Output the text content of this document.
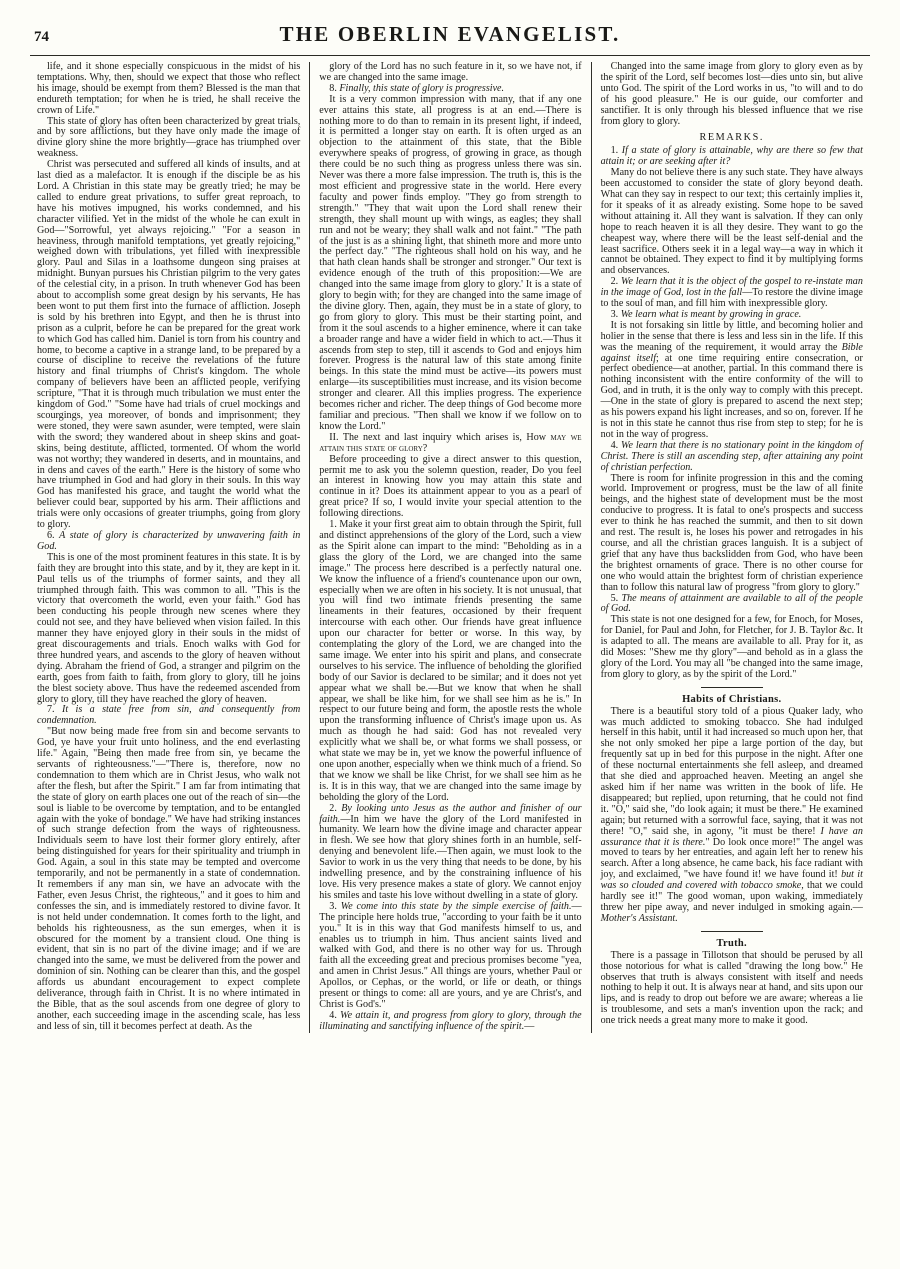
74	THE OBERLIN EVANGELIST.

life, and it shone especially conspicuous in the midst of his temptations. Why, then, should we expect that those who reflect his image, should be exempt from them? Blessed is the man that endureth temptation; for when he is tried, he shall receive the crown of Life."

This state of glory has often been characterized by great trials, and by sore afflictions, but they have only made the image of divine glory shine the more brightly—grace has triumphed over weakness.

Christ was persecuted and suffered all kinds of insults, and at last died as a malefactor. It is enough if the disciple be as his Lord. A Christian in this state may be greatly tried; he may be called to endure great privations, to suffer great reproach, to have his motives impugned, his works condemned, and his character vilified. Yet in the midst of the whole he can exult in God—"Sorrowful, yet always rejoicing." "For a season in heaviness, through manifold temptations, yet greatly rejoicing," weighed down with tribulations, yet filled with inexpressible glory. Paul and Silas in a loathsome dungeon sing praises at midnight. Bunyan pursues his Christian pilgrim to the very gates of the celestial city, in a prison. In truth whenever God has been about to accomplish some great design by his servants, He has been wont to put them first into the furnace of affliction. Joseph is sold by his brethren into Egypt, and then he is thrust into prison as a culprit, before he can be prepared for the great work to which God has called him. Daniel is torn from his country and home, to become a captive in a strange land, to be prepared by a course of discipline to receive the revelations of the future history and final triumphs of Christ's kingdom. The whole company of believers have been an afflicted people, verifying scripture, "That it is through much tribulation we must enter the kingdom of God." "Some have had trials of cruel mockings and scourgings, yea moreover, of bonds and imprisonment; they were stoned, they were sawn asunder, were tempted, were slain with the sword; they wandered about in sheep skins and goat-skins, being destitute, afflicted, tormented. Of whom the world was not worthy; they wandered in deserts, and in mountains, and in dens and caves of the earth." Here is the history of some who have triumphed in God and had glory in their souls. In this way God has manifested his grace, and taught the world what the believer could bear, supported by his arm. Their afflictions and trials were only occasions of greater triumphs, going from glory to glory.

6. A state of glory is characterized by unwavering faith in God.

This is one of the most prominent features in this state. It is by faith they are brought into this state, and by it, they are kept in it. Paul tells us of the triumphs of former saints, and they all triumphed through faith. This was common to all. "This is the victory that overcometh the world, even your faith." God has been conducting his people through new scenes where they could not see, and they have believed when vision failed. In this manner they have enjoyed glory in their souls in the midst of great discouragements and trials. Enoch walks with God for three hundred years, and ascends to the glory of heaven without dying. Abraham the friend of God, a stranger and pilgrim on the earth, goes from faith to faith, from glory to glory, till he joins the blest society above. Thus have the redeemed ascended from glory to glory, till they have reached the glory of heaven.

7. It is a state free from sin, and consequently from condemnation.

"But now being made free from sin and become servants to God, ye have your fruit unto holiness, and the end everlasting life." Again, "Being then made free from sin, ye became the servants of righteousness."—"There is, therefore, now no condemnation to them which are in Christ Jesus, who walk not after the flesh, but after the Spirit." I am far from intimating that the state of glory on earth places one out of the reach of sin—the soul is liable to be overcome by temptation, and to be entangled again with the yoke of bondage." We have had striking instances of such strange defection from the ways of righteousness. Individuals seem to have lost their former glory entirely, after being distinguished for years for their spirituality and triumph in God. Again, a soul in this state may be tempted and overcome temporarily, and not be permanently in a state of condemnation. It remembers if any man sin, we have an advocate with the Father, even Jesus Christ, the righteous," and it goes to him and confesses the sin, and is immediately restored to divine favor. It is not held under condemnation. It comes forth to the light, and beholds his righteousness, as the sun emerges, when it is obscured for the moment by a transient cloud. One thing is evident, that sin is no part of the divine image; and if we are changed into the same, we must be delivered from the power and dominion of sin. Nothing can be clearer than this, and the gospel affords us abundant encouragement to expect complete deliverance, through faith in Christ. It is no where intimated in the Bible, that as the soul ascends from one degree of glory to another, each succeeding image in the ascending scale, has less and less of sin, till it becomes perfect at death. As the

glory of the Lord has no such feature in it, so we have not, if we are changed into the same image.

8. Finally, this state of glory is progressive.

It is a very common impression with many, that if any one ever attains this state, all progress is at an end.—There is nothing more to do than to remain in its present light, if indeed, it is permitted a longer stay on earth. It is often urged as an objection to the attainment of this state, that the Bible everywhere speaks of progress, of growing in grace, as though there could be no such thing as progress unless there was sin. Never was there a more false impression. The truth is, this is the most efficient and progressive state in the world. Here every faculty and power finds employ. "They go from strength to strength." "They that wait upon the Lord shall renew their strength, they shall mount up with wings, as eagles; they shall run and not be weary; they shall walk and not faint." "The path of the just is as a shining light, that shineth more and more unto the perfect day." "The righteous shall hold on his way, and he that hath clean hands shall be stronger and stronger." Our text is evidence enough of the truth of this proposition:—We are changed into the same image from glory to glory.' It is a state of glory to begin with; for they are changed into the same image of the divine glory. Then, again, they must be in a state of glory, to go from glory to glory. This must be their starting point, and from it the soul ascends to a higher eminence, where it can take a broader range and have a wider field in which to act.—Thus it ascends from step to step, till it ascends to God and enjoys him forever. Progress is the natural law of this state among finite beings. In this state the mind must be active—its powers must enlarge—its susceptibilities must increase, and its vision become stronger and clearer. All this implies progress. The experience becomes richer and richer. The deep things of God become more familiar and precious. "Then shall we know if we follow on to know the Lord."

II. The next and last inquiry which arises is, How may we attain this state of glory?

Before proceeding to give a direct answer to this question, permit me to ask you the solemn question, reader, Do you feel an interest in knowing how you may attain this state and continue in it? Does its attainment appear to you as a pearl of great price? If so, I would invite your special attention to the following directions.

1. Make it your first great aim to obtain through the Spirit, full and distinct apprehensions of the glory of the Lord, such a view as the Spirit alone can impart to the mind: "Beholding as in a glass the glory of the Lord, we are changed into the same image." The process here described is a perfectly natural one. We know the influence of a friend's countenance upon our own, especially when we are often in his society. It is not unusual, that you will find two intimate friends presenting the same lineaments in their features, occasioned by their frequent intercourse with each other. Our friends have great influence upon our character for better or worse. In this way, by contemplating the glory of the Lord, we are changed into the same image. We enter into his spirit and plans, and consecrate ourselves to his service. The influence of beholding the glorified body of our Savior is declared to be similar; and it does not yet appear what we shall be.—But we know that when he shall appear, we shall be like him, for we shall see him as he is." In respect to our future being and form, the apostle rests the whole upon the transforming influence of Christ's image upon us. As much as though he had said: God has not revealed very explicitly what we shall be, or what forms we shall possess, or what state we may be in, yet we know the powerful influence of one upon another, especially when we think much of a friend. So that we know we shall be like Christ, for we shall see him as he is. It is in this way, that we are changed into the same image by beholding the glory of the Lord.

2. By looking unto Jesus as the author and finisher of our faith.—In him we have the glory of the Lord manifested in humanity. We learn how the divine image and character appear in flesh. We see how that glory shines forth in an humble, self-denying and benevolent life.—Then again, we must look to the Savior to work in us the very thing that needs to be done, by his indwelling presence, and by the constraining influence of his love. His very presence makes a state of glory. We cannot enjoy his smiles and taste his love without dwelling in a state of glory.

3. We come into this state by the simple exercise of faith.—The principle here holds true, "according to your faith be it unto you." It is in this way that God manifests himself to us, and enables us to triumph in him. Thus ancient saints lived and walked with God, and there is no other way for us. Through faith all the exceeding great and precious promises become "yea, and amen in Christ Jesus." All things are yours, whether Paul or Apollos, or Cephas, or the world, or life or death, or things present or things to come: all are yours, and ye are Christ's, and Christ is God's."

4. We attain it, and progress from glory to glory, through the illuminating and sanctifying influence of the spirit.—

Changed into the same image from glory to glory even as by the spirit of the Lord, self becomes lost—dies unto sin, but alive unto God. The spirit of the Lord works in us, "to will and to do of his good pleasure." He is our guide, our comforter and sanctifier. It is only through his blessed influence that we rise from glory to glory.

REMARKS.

1. If a state of glory is attainable, why are there so few that attain it; or are seeking after it?

Many do not believe there is any such state. They have always been accustomed to consider the state of glory beyond death. What can they say in respect to our text; this certainly implies it, for it speaks of it as already existing. Some hope to be saved without attaining it. All they want is salvation. If they can only hope to reach heaven it is all they desire. They want to go the cheapest way, where there will be the least self-denial and the least sacrifice. Others seek it in a legal way—a way in which it cannot be obtained. They expect to find it by multiplying forms and observances.

2. We learn that it is the object of the gospel to re-instate man in the image of God, lost in the fall—To restore the divine image to the soul of man, and fill him with inexpressible glory.

3. We learn what is meant by growing in grace.

It is not forsaking sin little by little, and becoming holier and holier in the sense that there is less and less sin in the life. If this was the meaning of the requirement, it would array the Bible against itself; at one time requiring entire consecration, or perfect obedience—at another, partial. In this command there is nothing inconsistent with the entire conformity of the will to God, and in truth, it is the only way to comply with this precept.—One in the state of glory is prepared to ascend the next step; as his powers expand his light increases, and so on, forever. If he is not in this state he cannot thus rise from step to step; for he is not in the way of progress.

4. We learn that there is no stationary point in the kingdom of Christ. There is still an ascending step, after attaining any point of christian perfection.

There is room for infinite progression in this and the coming world. Improvement or progress, must be the law of all finite beings, and the highest state of development must be the most conducive to progress. It is fatal to one's prospects and success ever to think he has reached the summit, and then to sit down and rest. The result is, he loses his power and retrogades in his course, and all the christian graces languish. It is a subject of grief that any have thus backslidden from God, who have been the brightest ornaments of grace. There is no other course for one who would attain the brightest form of christian experience than to follow this natural law of progress "from glory to glory."

5. The means of attainment are available to all of the people of God.

This state is not one designed for a few, for Enoch, for Moses, for Daniel, for Paul and John, for Fletcher, for J. B. Taylor &c. It is adapted to all. The means are available to all. Pray for it, as did Moses: "Shew me thy glory"—and behold as in a glass the glory of the Lord. You may all "be changed into the same image, from glory to glory, as by the spirit of the Lord."

Habits of Christians.

There is a beautiful story told of a pious Quaker lady, who was much addicted to smoking tobacco. She had indulged herself in this habit, until it had increased so much upon her, that she not only smoked her pipe a large portion of the day, but frequently sat up in bed for this purpose in the night. After one of these nocturnal entertainments she fell asleep, and dreamed that she died and approached heaven. Meeting an angel she asked him if her name was written in the book of life. He disappeared; but replied, upon returning, that he could not find it. "O," said she, "do look again; it must be there." He examined again; but returned with a sorrowful face, saying, that it was not there! "O," said she, in agony, "it must be there! I have an assurance that it is there." Do look once more!" The angel was moved to tears by her entreaties, and again left her to renew his search. After a long absence, he came back, his face radiant with joy, and exclaimed, "we have found it! we have found it! but it was so clouded and covered with tobacco smoke, that we could hardly see it!" The good woman, upon waking, immediately threw her pipe away, and never indulged in smoking again.—Mother's Assistant.

Truth.

There is a passage in Tillotson that should be perused by all those notorious for what is called "drawing the long bow." He observes that truth is always consistent with itself and needs nothing to help it out. It is always near at hand, and sits upon our lips, and is ready to drop out before we are aware; whereas a lie is troublesome, and sets a man's invention upon the rack; and one trick needs a great many more to make it good.
